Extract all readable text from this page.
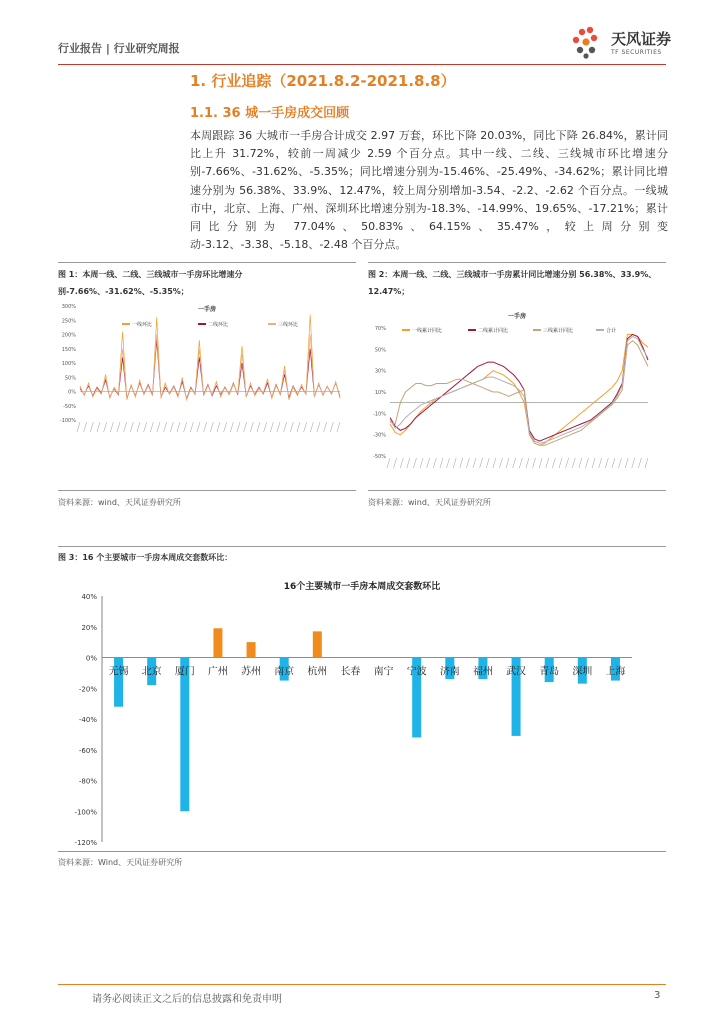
行业报告 | 行业研究周报
天风证券
TF SECURITIES
1. 行业追踪（2021.8.2-2021.8.8）
1.1. 36 城一手房成交回顾
本周跟踪 36 大城市一手房合计成交 2.97 万套，环比下降 20.03%，同比下降 26.84%，累计同比上升 31.72%，较前一周减少 2.59 个百分点。其中一线、二线、三线城市环比增速分别-7.66%、-31.62%、-5.35%；同比增速分别为-15.46%、-25.49%、-34.62%；累计同比增速分别为 56.38%、33.9%、12.47%，较上周分别增加-3.54、-2.2、-2.62 个百分点。一线城市中，北京、上海、广州、深圳环比增速分别为-18.3%、-14.99%、19.65%、-17.21%；累计同比分别为 77.04%、50.83%、64.15%、35.47%，较上周分别变动-3.12、-3.38、-5.18、-2.48 个百分点。
图 1：本周一线、二线、三线城市一手房环比增速分别-7.66%、-31.62%、-5.35%；
300%
250%
200%
150%
100%
50%
0%
-50%
-100%
一手房
一线环比	二线环比	三线环比
资料来源：wind、天风证券研究所
图 2：本周一线、二线、三线城市一手房累计同比增速分别 56.38%、33.9%、12.47%；
70%
50%
30%
10%
-10%
-30%
-50%
一手房
一线累计同比	二线累计同比	三线累计同比	合计
资料来源：wind、天风证券研究所
图 3：16 个主要城市一手房本周成交套数环比：
16个主要城市一手房本周成交套数环比
40%
20%
0%
-20%
-40%
-60%
-80%
-100%
-120%
无锡 北京 厦门 广州 苏州 南京 杭州 长春 南宁 宁波 济南 福州 武汉 青岛 深圳 上海
资料来源：Wind、天风证券研究所
请务必阅读正文之后的信息披露和免责申明	3
